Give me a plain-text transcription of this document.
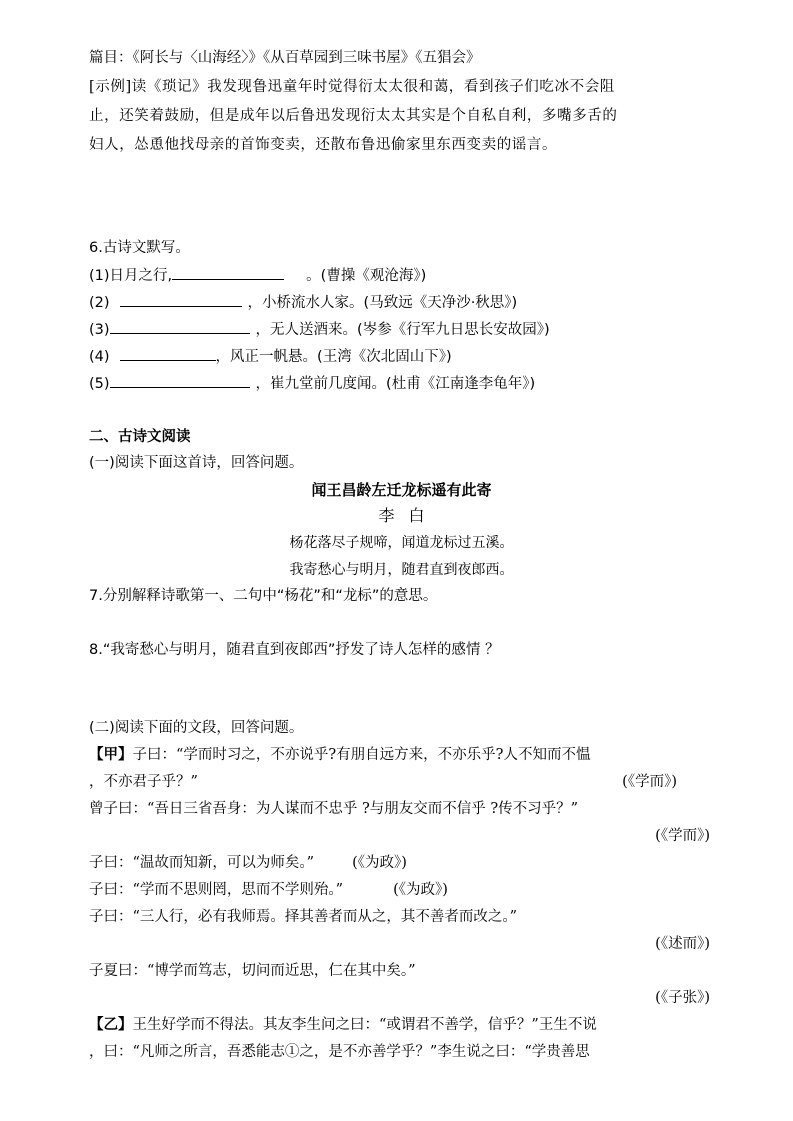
篇目：《阿长与〈山海经〉》《从百草园到三味书屋》《五猖会》
[示例]读《琐记》我发现鲁迅童年时觉得衍太太很和蔼，看到孩子们吃冰不会阻
止，还笑着鼓励，但是成年以后鲁迅发现衍太太其实是个自私自利，多嘴多舌的
妇人，怂恿他找母亲的首饰变卖，还散布鲁迅偷家里东西变卖的谣言。
6.古诗文默写。
(1)日月之行,	。(曹操《观沧海》)
(2)	，小桥流水人家。(马致远《天净沙·秋思》)
(3)	，无人送酒来。(岑参《行军九日思长安故园》)
(4)	，风正一帆悬。(王湾《次北固山下》)
(5)	，崔九堂前几度闻。(杜甫《江南逢李龟年》)
二、古诗文阅读
(一)阅读下面这首诗，回答问题。
闻王昌龄左迁龙标遥有此寄
李白
杨花落尽子规啼，闻道龙标过五溪。
我寄愁心与明月，随君直到夜郎西。
7.分别解释诗歌第一、二句中“杨花”和“龙标”的意思。
8.“我寄愁心与明月，随君直到夜郎西”抒发了诗人怎样的感情 ？
(二)阅读下面的文段，回答问题。
【甲】子曰：“学而时习之，不亦说乎?有朋自远方来，不亦乐乎?人不知而不愠
，不亦君子乎？”	(《学而》)
曾子曰：“吾日三省吾身：为人谋而不忠乎 ?与朋友交而不信乎 ?传不习乎？”
(《学而》)
子曰：“温故而知新，可以为师矣。”	(《为政》)
子曰：“学而不思则罔，思而不学则殆。”	(《为政》)
子曰：“三人行，必有我师焉。择其善者而从之，其不善者而改之。”
(《述而》)
子夏曰：“博学而笃志，切问而近思，仁在其中矣。”
(《子张》)
【乙】王生好学而不得法。其友李生问之曰：“或谓君不善学，信乎？”王生不说
，曰：“凡师之所言，吾悉能志①之，是不亦善学乎？”李生说之曰：“学贵善思
